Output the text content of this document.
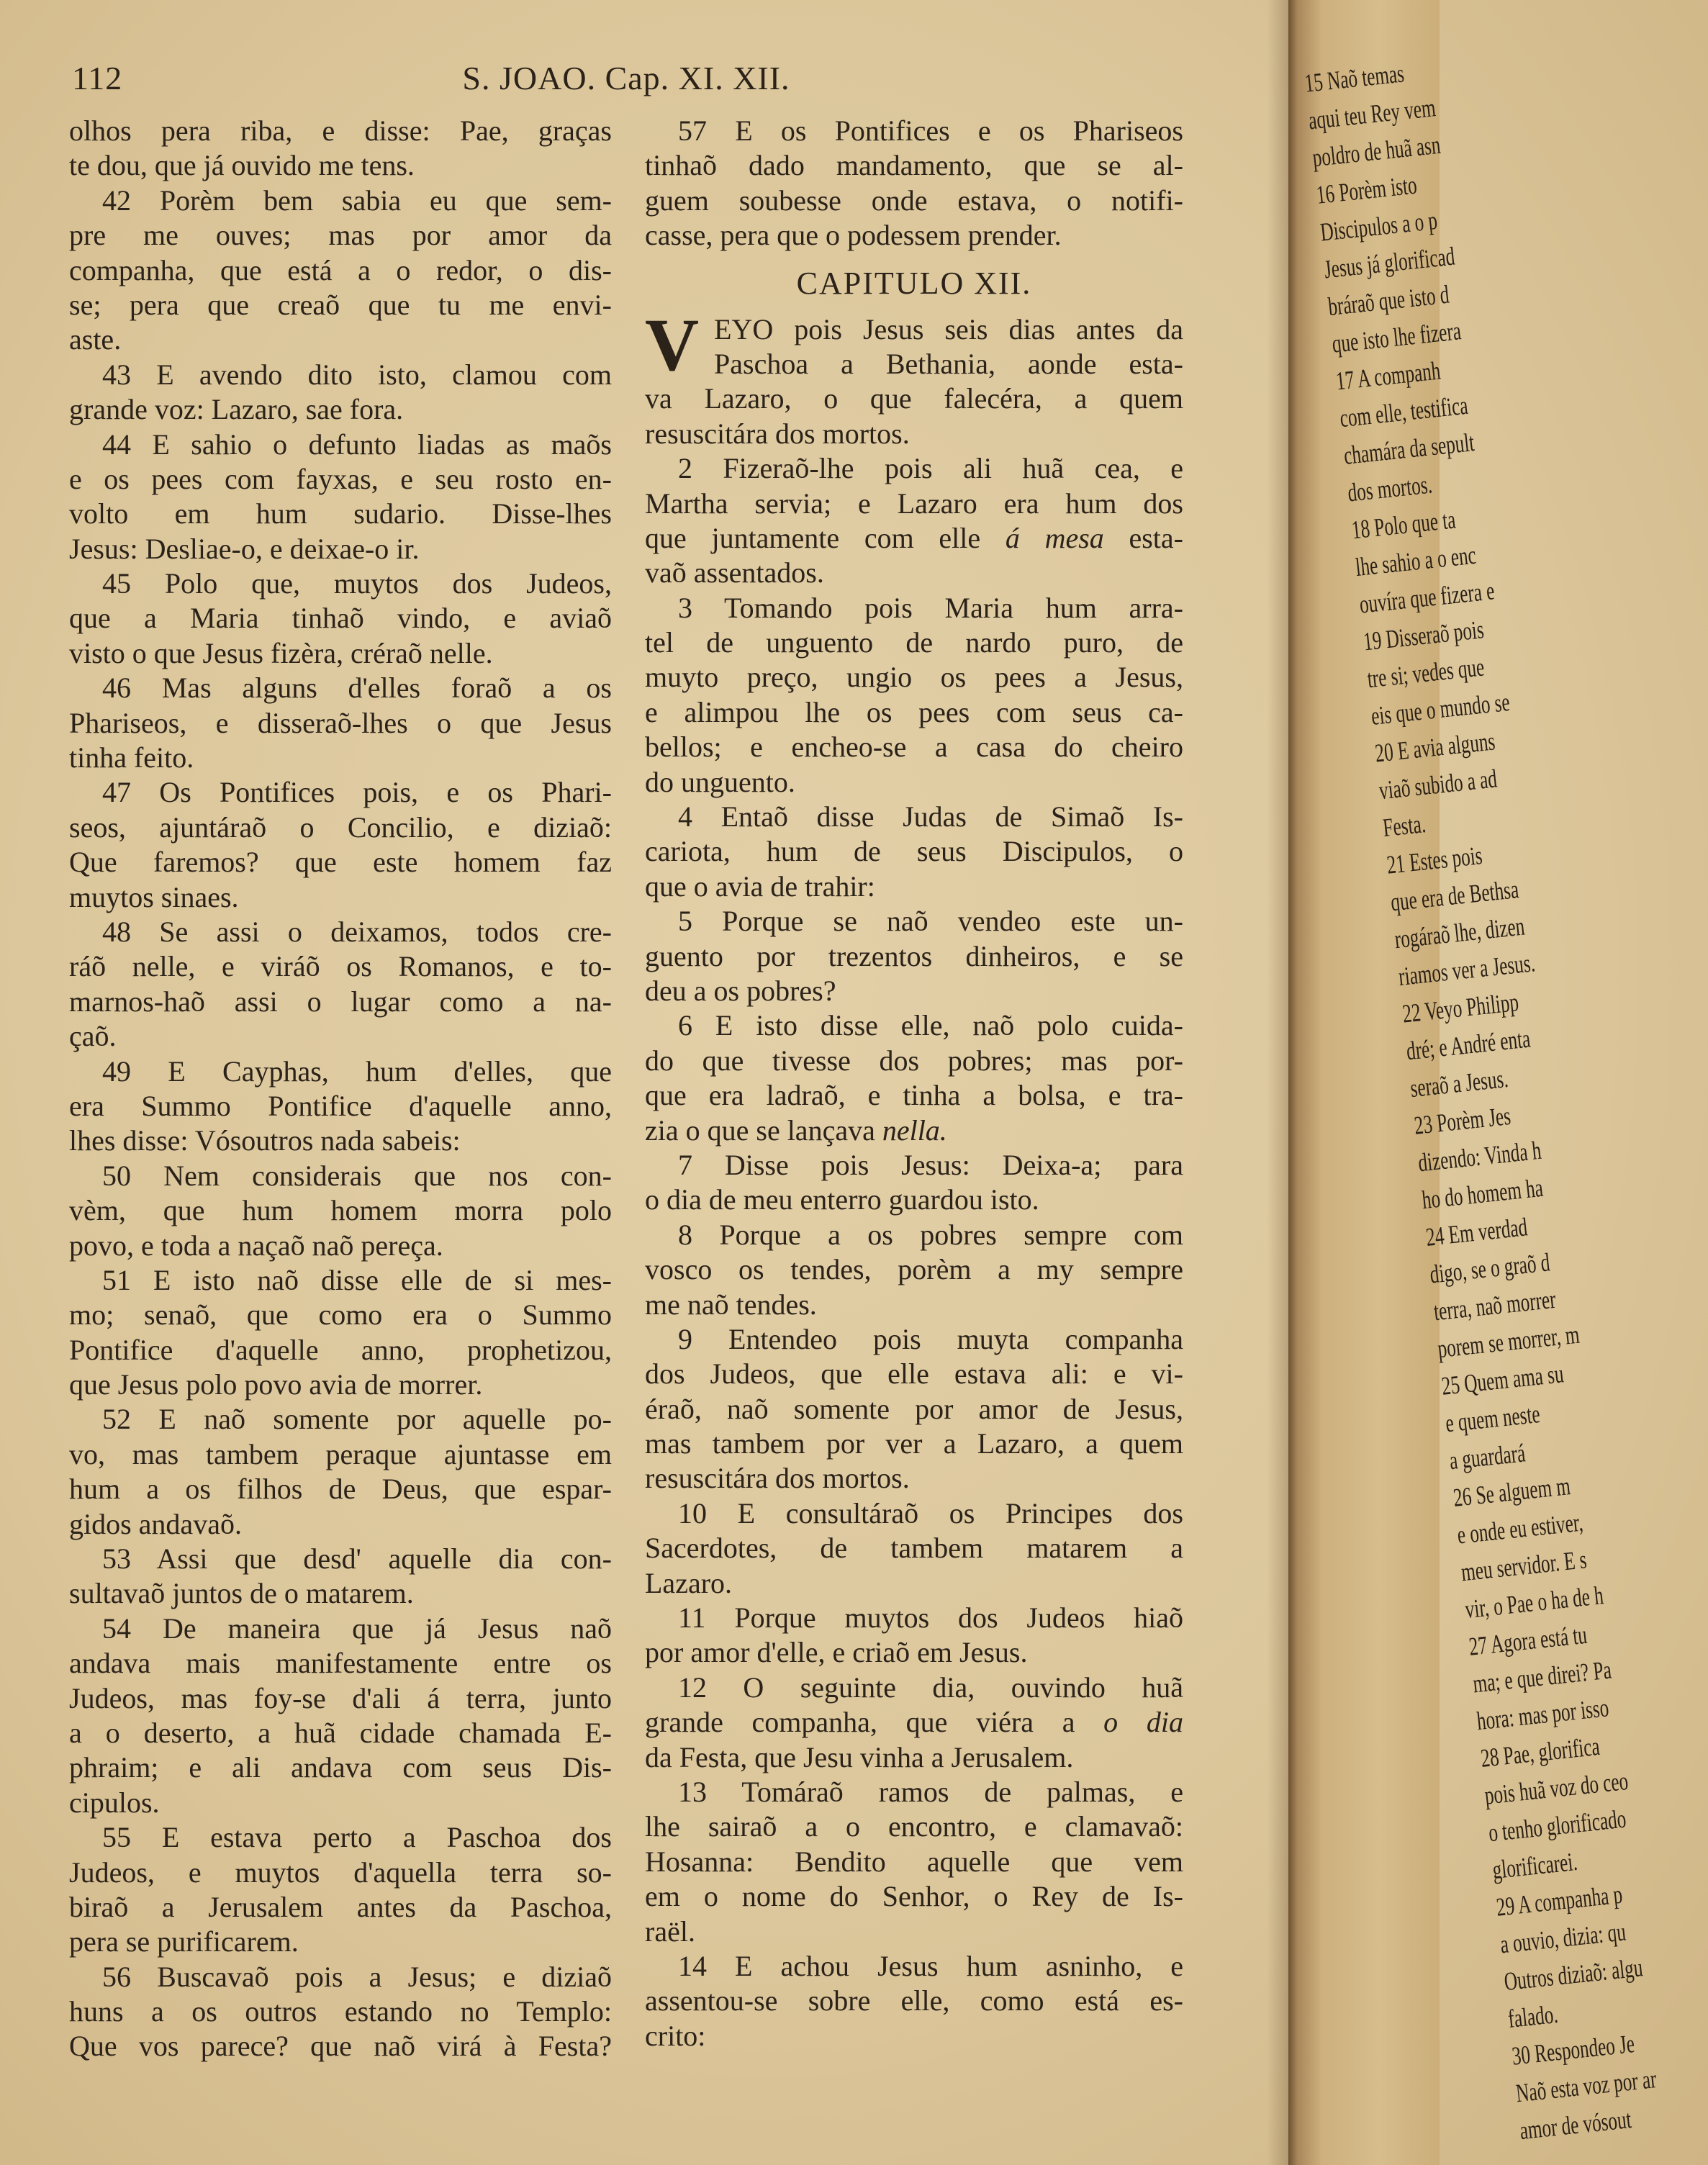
112	S. JOAO. Cap. XI. XII.
olhos pera riba, e disse: Pae, graças
te dou, que já ouvido me tens.
42 Porèm bem sabia eu que sem-
pre me ouves; mas por amor da
companha, que está a o redor, o dis-
se; pera que creaõ que tu me envi-
aste.
43 E avendo dito isto, clamou com
grande voz: Lazaro, sae fora.
44 E sahio o defunto liadas as maõs
e os pees com fayxas, e seu rosto en-
volto em hum sudario. Disse-lhes
Jesus: Desliae-o, e deixae-o ir.
45 Polo que, muytos dos Judeos,
que a Maria tinhaõ vindo, e aviaõ
visto o que Jesus fizèra, créraõ nelle.
46 Mas alguns d'elles foraõ a os
Phariseos, e disseraõ-lhes o que Jesus
tinha feito.
47 Os Pontifices pois, e os Phari-
seos, ajuntáraõ o Concilio, e diziaõ:
Que faremos? que este homem faz
muytos sinaes.
48 Se assi o deixamos, todos cre-
ráõ nelle, e viráõ os Romanos, e to-
marnos-haõ assi o lugar como a na-
çaõ.
49 E Cayphas, hum d'elles, que
era Summo Pontifice d'aquelle anno,
lhes disse: Vósoutros nada sabeis:
50 Nem considerais que nos con-
vèm, que hum homem morra polo
povo, e toda a naçaõ naõ pereça.
51 E isto naõ disse elle de si mes-
mo; senaõ, que como era o Summo
Pontifice d'aquelle anno, prophetizou,
que Jesus polo povo avia de morrer.
52 E naõ somente por aquelle po-
vo, mas tambem peraque ajuntasse em
hum a os filhos de Deus, que espar-
gidos andavaõ.
53 Assi que desd' aquelle dia con-
sultavaõ juntos de o matarem.
54 De maneira que já Jesus naõ
andava mais manifestamente entre os
Judeos, mas foy-se d'ali á terra, junto
a o deserto, a huã cidade chamada E-
phraim; e ali andava com seus Dis-
cipulos.
55 E estava perto a Paschoa dos
Judeos, e muytos d'aquella terra so-
biraõ a Jerusalem antes da Paschoa,
pera se purificarem.
56 Buscavaõ pois a Jesus; e diziaõ
huns a os outros estando no Templo:
Que vos parece? que naõ virá à Festa?
57 E os Pontifices e os Phariseos
tinhaõ dado mandamento, que se al-
guem soubesse onde estava, o notifi-
casse, pera que o podessem prender.
CAPITULO XII.
V EYO pois Jesus seis dias antes da
Paschoa a Bethania, aonde esta-
va Lazaro, o que falecéra, a quem
resuscitára dos mortos.
2 Fizeraõ-lhe pois ali huã cea, e
Martha servia; e Lazaro era hum dos
que juntamente com elle á mesa esta-
vaõ assentados.
3 Tomando pois Maria hum arra-
tel de unguento de nardo puro, de
muyto preço, ungio os pees a Jesus,
e alimpou lhe os pees com seus ca-
bellos; e encheo-se a casa do cheiro
do unguento.
4 Entaõ disse Judas de Simaõ Is-
cariota, hum de seus Discipulos, o
que o avia de trahir:
5 Porque se naõ vendeo este un-
guento por trezentos dinheiros, e se
deu a os pobres?
6 E isto disse elle, naõ polo cuida-
do que tivesse dos pobres; mas por-
que era ladraõ, e tinha a bolsa, e tra-
zia o que se lançava nella.
7 Disse pois Jesus: Deixa-a; para
o dia de meu enterro guardou isto.
8 Porque a os pobres sempre com
vosco os tendes, porèm a my sempre
me naõ tendes.
9 Entendeo pois muyta companha
dos Judeos, que elle estava ali: e vi-
éraõ, naõ somente por amor de Jesus,
mas tambem por ver a Lazaro, a quem
resuscitára dos mortos.
10 E consultáraõ os Principes dos
Sacerdotes, de tambem matarem a
Lazaro.
11 Porque muytos dos Judeos hiaõ
por amor d'elle, e criaõ em Jesus.
12 O seguinte dia, ouvindo huã
grande companha, que viéra a o dia
da Festa, que Jesu vinha a Jerusalem.
13 Tomáraõ ramos de palmas, e
lhe sairaõ a o encontro, e clamavaõ:
Hosanna: Bendito aquelle que vem
em o nome do Senhor, o Rey de Is-
raël.
14 E achou Jesus hum asninho, e
assentou-se sobre elle, como está es-
crito:
15 Naõ temas
aqui teu Rey vem
poldro de huã asn
16 Porèm isto
Discipulos a o p
Jesus já glorificad
bráraõ que isto d
que isto lhe fizera
17 A companh
com elle, testifica
chamára da sepult
dos mortos.
18 Polo que ta
lhe sahio a o enc
ouvíra que fizera e
19 Disseraõ pois
tre si; vedes que
eis que o mundo se
20 E avia alguns
viaõ subido a ad
Festa.
21 Estes pois
que era de Bethsa
rogáraõ lhe, dizen
riamos ver a Jesus.
22 Veyo Philipp
dré; e André enta
seraõ a Jesus.
23 Porèm Jes
dizendo: Vinda h
ho do homem ha
24 Em verdad
digo, se o graõ d
terra, naõ morrer
porem se morrer, m
25 Quem ama su
e quem neste
a guardará
26 Se alguem m
e onde eu estiver,
meu servidor. E s
vir, o Pae o ha de h
27 Agora está tu
ma; e que direi? Pa
hora: mas por isso
28 Pae, glorifica
pois huã voz do ceo
o tenho glorificado
glorificarei.
29 A companha p
a ouvio, dizia: qu
Outros diziaõ: algu
falado.
30 Respondeo Je
Naõ esta voz por ar
amor de vósout
